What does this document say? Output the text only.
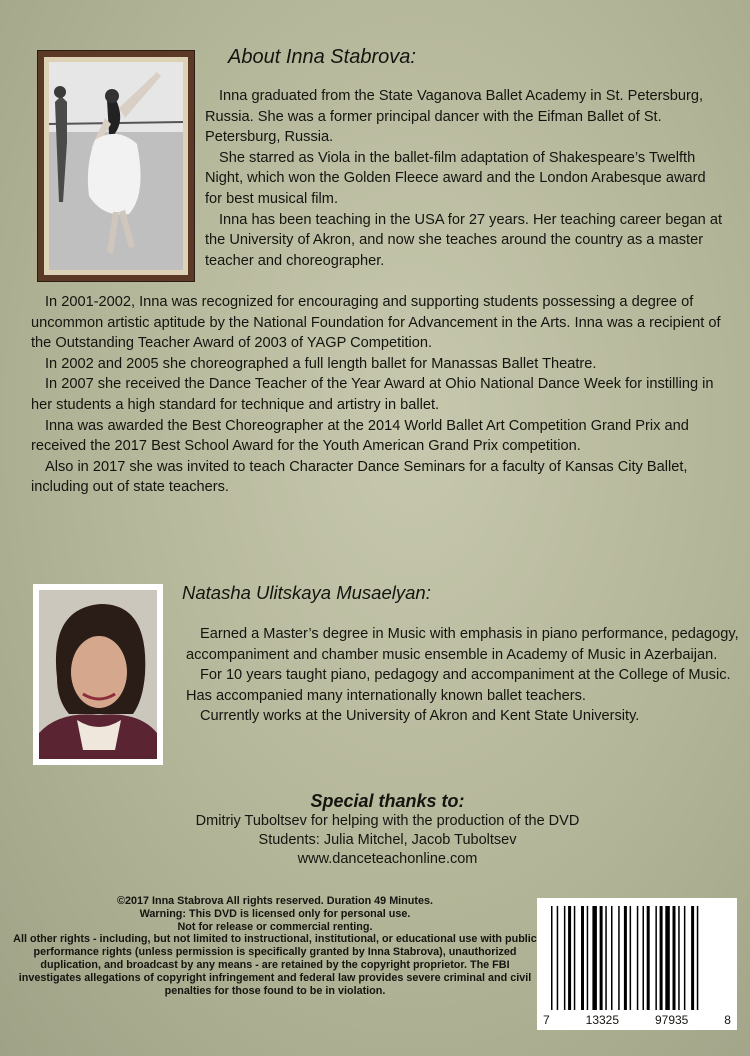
About Inna Stabrova:

Inna graduated from the State Vaganova Ballet Academy in St. Petersburg, Russia. She was a former principal dancer with the Eifman Ballet of St. Petersburg, Russia.

She starred as Viola in the ballet-film adaptation of Shakespeare’s Twelfth Night, which won the Golden Fleece award and the London Arabesque award for best musical film.

Inna has been teaching in the USA for 27 years. Her teaching career began at the University of Akron, and now she teaches around the country as a master teacher and choreographer.

In 2001-2002, Inna was recognized for encouraging and supporting students possessing a degree of uncommon artistic aptitude by the National Foundation for Advancement in the Arts. Inna was a recipient of the Outstanding Teacher Award of 2003 of YAGP Competition.

In 2002 and 2005 she choreographed a full length ballet for Manassas Ballet Theatre.

In 2007 she received the Dance Teacher of the Year Award at Ohio National Dance Week for instilling in her students a high standard for technique and artistry in ballet.

Inna was awarded the Best Choreographer at the 2014 World Ballet Art Competition Grand Prix and received the 2017 Best School Award for the Youth American Grand Prix competition.

Also in 2017 she was invited to teach Character Dance Seminars for a faculty of Kansas City Ballet, including out of state teachers.

Natasha Ulitskaya Musaelyan:

Earned a Master’s degree in Music with emphasis in piano performance, pedagogy, accompaniment and chamber music ensemble in Academy of Music in Azerbaijan.

For 10 years taught piano, pedagogy and accompaniment at the College of Music. Has accompanied many internationally known ballet teachers.

Currently works at the University of Akron and Kent State University.

Special thanks to:
Dmitriy Tuboltsev for helping with the production of the DVD
Students: Julia Mitchel, Jacob Tuboltsev
www.danceteachonline.com
©2017 Inna Stabrova All rights reserved. Duration 49 Minutes.
Warning: This DVD is licensed only for personal use.
Not for release or commercial renting.
All other rights - including, but not limited to instructional, institutional, or educational use with public performance rights (unless permission is specifically granted by Inna Stabrova), unauthorized duplication, and broadcast by any means - are retained by the copyright proprietor. The FBI investigates allegations of copyright infringement and federal law provides severe criminal and civil penalties for those found to be in violation.
7	13325	97935	8
